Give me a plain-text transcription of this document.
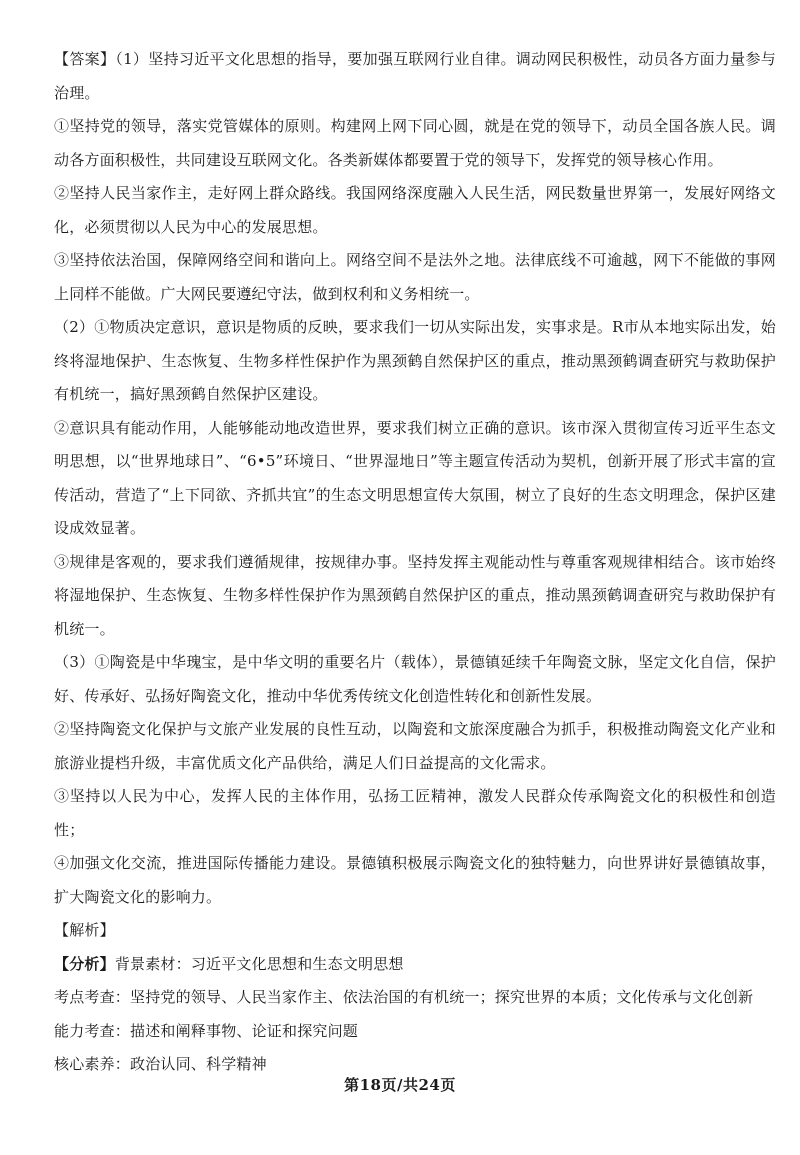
【答案】（1）坚持习近平文化思想的指导，要加强互联网行业自律。调动网民积极性，动员各方面力量参与治理。

①坚持党的领导，落实党管媒体的原则。构建网上网下同心圆，就是在党的领导下，动员全国各族人民。调动各方面积极性，共同建设互联网文化。各类新媒体都要置于党的领导下，发挥党的领导核心作用。

②坚持人民当家作主，走好网上群众路线。我国网络深度融入人民生活，网民数量世界第一，发展好网络文化，必须贯彻以人民为中心的发展思想。

③坚持依法治国，保障网络空间和谐向上。网络空间不是法外之地。法律底线不可逾越，网下不能做的事网上同样不能做。广大网民要遵纪守法，做到权利和义务相统一。

（2）①物质决定意识，意识是物质的反映，要求我们一切从实际出发，实事求是。R市从本地实际出发，始终将湿地保护、生态恢复、生物多样性保护作为黑颈鹤自然保护区的重点，推动黑颈鹤调查研究与救助保护有机统一，搞好黑颈鹤自然保护区建设。

②意识具有能动作用，人能够能动地改造世界，要求我们树立正确的意识。该市深入贯彻宣传习近平生态文明思想，以“世界地球日”、“6•5”环境日、“世界湿地日”等主题宣传活动为契机，创新开展了形式丰富的宣传活动，营造了“上下同欲、齐抓共宜”的生态文明思想宣传大氛围，树立了良好的生态文明理念，保护区建设成效显著。

③规律是客观的，要求我们遵循规律，按规律办事。坚持发挥主观能动性与尊重客观规律相结合。该市始终将湿地保护、生态恢复、生物多样性保护作为黑颈鹤自然保护区的重点，推动黑颈鹤调查研究与救助保护有机统一。

（3）①陶瓷是中华瑰宝，是中华文明的重要名片（载体），景德镇延续千年陶瓷文脉，坚定文化自信，保护好、传承好、弘扬好陶瓷文化，推动中华优秀传统文化创造性转化和创新性发展。

②坚持陶瓷文化保护与文旅产业发展的良性互动，以陶瓷和文旅深度融合为抓手，积极推动陶瓷文化产业和旅游业提档升级，丰富优质文化产品供给，满足人们日益提高的文化需求。

③坚持以人民为中心，发挥人民的主体作用，弘扬工匠精神，激发人民群众传承陶瓷文化的积极性和创造性；

④加强文化交流，推进国际传播能力建设。景德镇积极展示陶瓷文化的独特魅力，向世界讲好景德镇故事，扩大陶瓷文化的影响力。

【解析】

【分析】背景素材：习近平文化思想和生态文明思想

考点考查：坚持党的领导、人民当家作主、依法治国的有机统一；探究世界的本质；文化传承与文化创新

能力考查：描述和阐释事物、论证和探究问题

核心素养：政治认同、科学精神

第18页/共24页
